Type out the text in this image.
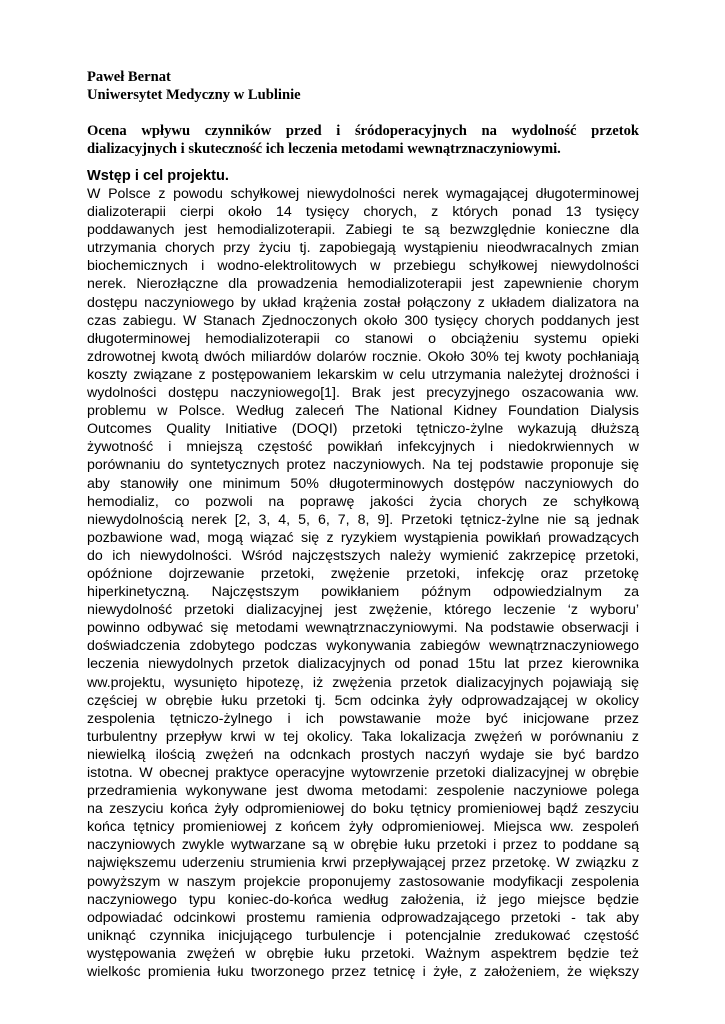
Paweł Bernat

Uniwersytet Medyczny w Lublinie

Ocena wpływu czynników przed i śródoperacyjnych na wydolność przetok
dializacyjnych i skuteczność ich leczenia metodami wewnątrznaczyniowymi.
Wstęp i cel projektu.
W Polsce z powodu schyłkowej niewydolności nerek wymagającej długoterminowej
dializoterapii cierpi około 14 tysięcy chorych, z których ponad 13 tysięcy
poddawanych jest hemodializoterapii. Zabiegi te są bezwzględnie konieczne dla
utrzymania chorych przy życiu tj. zapobiegają wystąpieniu nieodwracalnych zmian
biochemicznych i wodno-elektrolitowych w przebiegu schyłkowej niewydolności
nerek. Nierozłączne dla prowadzenia hemodializoterapii jest zapewnienie chorym
dostępu naczyniowego by układ krążenia został połączony z układem dializatora na
czas zabiegu. W Stanach Zjednoczonych około 300 tysięcy chorych poddanych jest
długoterminowej hemodializoterapii co stanowi o obciążeniu systemu opieki
zdrowotnej kwotą dwóch miliardów dolarów rocznie. Około 30% tej kwoty pochłaniają
koszty związane z postępowaniem lekarskim w celu utrzymania należytej drożności i
wydolności dostępu naczyniowego[1]. Brak jest precyzyjnego oszacowania ww.
problemu w Polsce. Według zaleceń The National Kidney Foundation Dialysis
Outcomes Quality Initiative (DOQI) przetoki tętniczo-żylne wykazują dłuższą
żywotność i mniejszą częstość powikłań infekcyjnych i niedokrwiennych w
porównaniu do syntetycznych protez naczyniowych. Na tej podstawie proponuje się
aby stanowiły one minimum 50% długoterminowych dostępów naczyniowych do
hemodializ, co pozwoli na poprawę jakości życia chorych ze schyłkową
niewydolnością nerek [2, 3, 4, 5, 6, 7, 8, 9]. Przetoki tętnicz-żylne nie są jednak
pozbawione wad, mogą wiązać się z ryzykiem wystąpienia powikłań prowadzących
do ich niewydolności. Wśród najczęstszych należy wymienić zakrzepicę przetoki,
opóźnione dojrzewanie przetoki, zwężenie przetoki, infekcję oraz przetokę
hiperkinetyczną. Najczęstszym powikłaniem późnym odpowiedzialnym za
niewydolność przetoki dializacyjnej jest zwężenie, którego leczenie ‘z wyboru’
powinno odbywać się metodami wewnątrznaczyniowymi. Na podstawie obserwacji i
doświadczenia zdobytego podczas wykonywania zabiegów wewnątrznaczyniowego
leczenia niewydolnych przetok dializacyjnych od ponad 15tu lat przez kierownika
ww.projektu, wysunięto hipotezę, iż zwężenia przetok dializacyjnych pojawiają się
częściej w obrębie łuku przetoki tj. 5cm odcinka żyły odprowadzającej w okolicy
zespolenia tętniczo-żylnego i ich powstawanie może być inicjowane przez
turbulentny przepływ krwi w tej okolicy. Taka lokalizacja zwężeń w porównaniu z
niewielką ilością zwężeń na odcnkach prostych naczyń wydaje sie być bardzo
istotna. W obecnej praktyce operacyjne wytowrzenie przetoki dializacyjnej w obrębie
przedramienia wykonywane jest dwoma metodami: zespolenie naczyniowe polega
na zeszyciu końca żyły odpromieniowej do boku tętnicy promieniowej bądź zeszyciu
końca tętnicy promieniowej z końcem żyły odpromieniowej. Miejsca ww. zespoleń
naczyniowych zwykle wytwarzane są w obrębie łuku przetoki i przez to poddane są
największemu uderzeniu strumienia krwi przepływającej przez przetokę. W związku z
powyższym w naszym projekcie proponujemy zastosowanie modyfikacji zespolenia
naczyniowego typu koniec-do-końca według założenia, iż jego miejsce będzie
odpowiadać odcinkowi prostemu ramienia odprowadzającego przetoki - tak aby
uniknąć czynnika inicjującego turbulencje i potencjalnie zredukować częstość
występowania zwężeń w obrębie łuku przetoki. Ważnym aspektrem będzie też
wielkośc promienia łuku tworzonego przez tetnicę i żyłe, z założeniem, że większy
